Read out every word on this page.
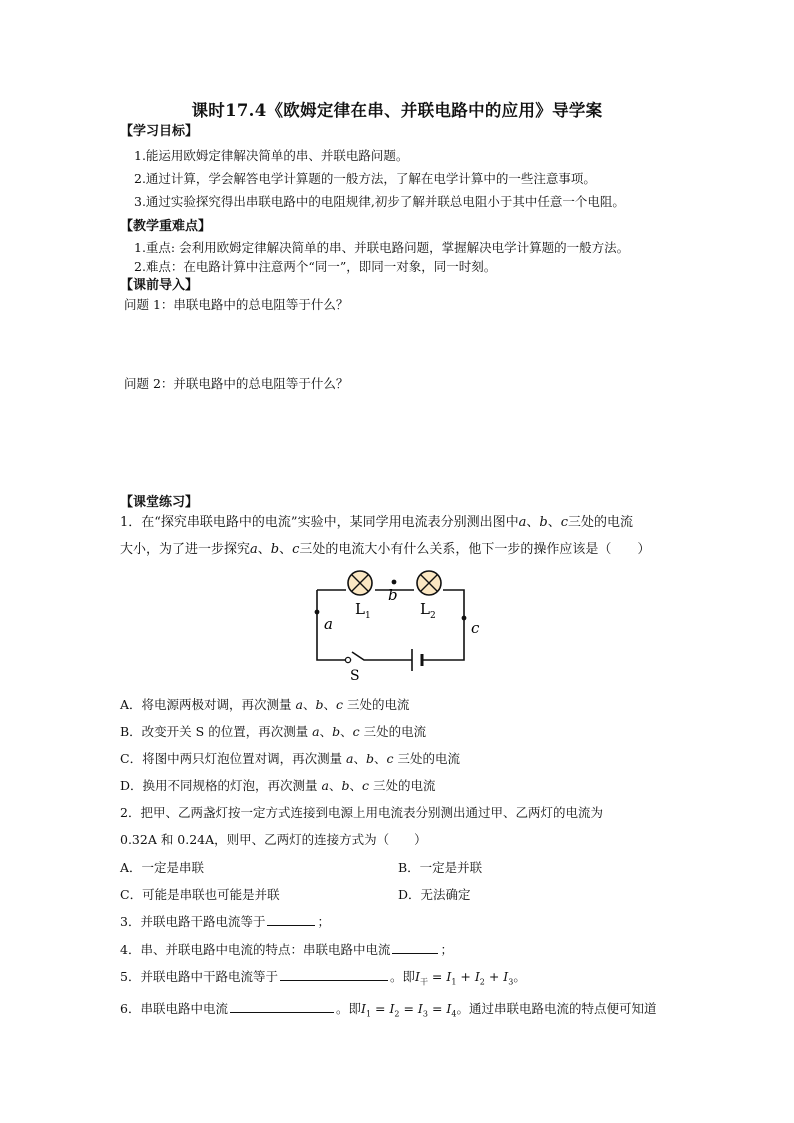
课时17.4《欧姆定律在串、并联电路中的应用》导学案
【学习目标】
1.能运用欧姆定律解决简单的串、并联电路问题。
2.通过计算，学会解答电学计算题的一般方法，了解在电学计算中的一些注意事项。
3.通过实验探究得出串联电路中的电阻规律,初步了解并联总电阻小于其中任意一个电阻。
【教学重难点】
1.重点: 会利用欧姆定律解决简单的串、并联电路问题，掌握解决电学计算题的一般方法。
2.难点：在电路计算中注意两个“同一”，即同一对象，同一时刻。
【课前导入】
问题 1：串联电路中的总电阻等于什么？
问题 2：并联电路中的总电阻等于什么？
【课堂练习】
1．在“探究串联电路中的电流”实验中，某同学用电流表分别测出图中a、b、c三处的电流
大小，为了进一步探究a、b、c三处的电流大小有什么关系，他下一步的操作应该是（　　）
$L_1$	$L_2$
b
a	c
S
A．将电源两极对调，再次测量 a、b、c 三处的电流
B．改变开关 S 的位置，再次测量 a、b、c 三处的电流
C．将图中两只灯泡位置对调，再次测量 a、b、c 三处的电流
D．换用不同规格的灯泡，再次测量 a、b、c 三处的电流
2．把甲、乙两盏灯按一定方式连接到电源上用电流表分别测出通过甲、乙两灯的电流为
0.32A 和 0.24A，则甲、乙两灯的连接方式为（　　）
A．一定是串联	B．一定是并联
C．可能是串联也可能是并联	D．无法确定
3．并联电路干路电流等于	；
4．串、并联电路中电流的特点：串联电路中电流	；
5．并联电路中干路电流等于	。即$I_干 = I_1 + I_2 + I_3$。
6．串联电路中电流	。即$I_1 = I_2 = I_3 = I_4$。通过串联电路电流的特点便可知道
